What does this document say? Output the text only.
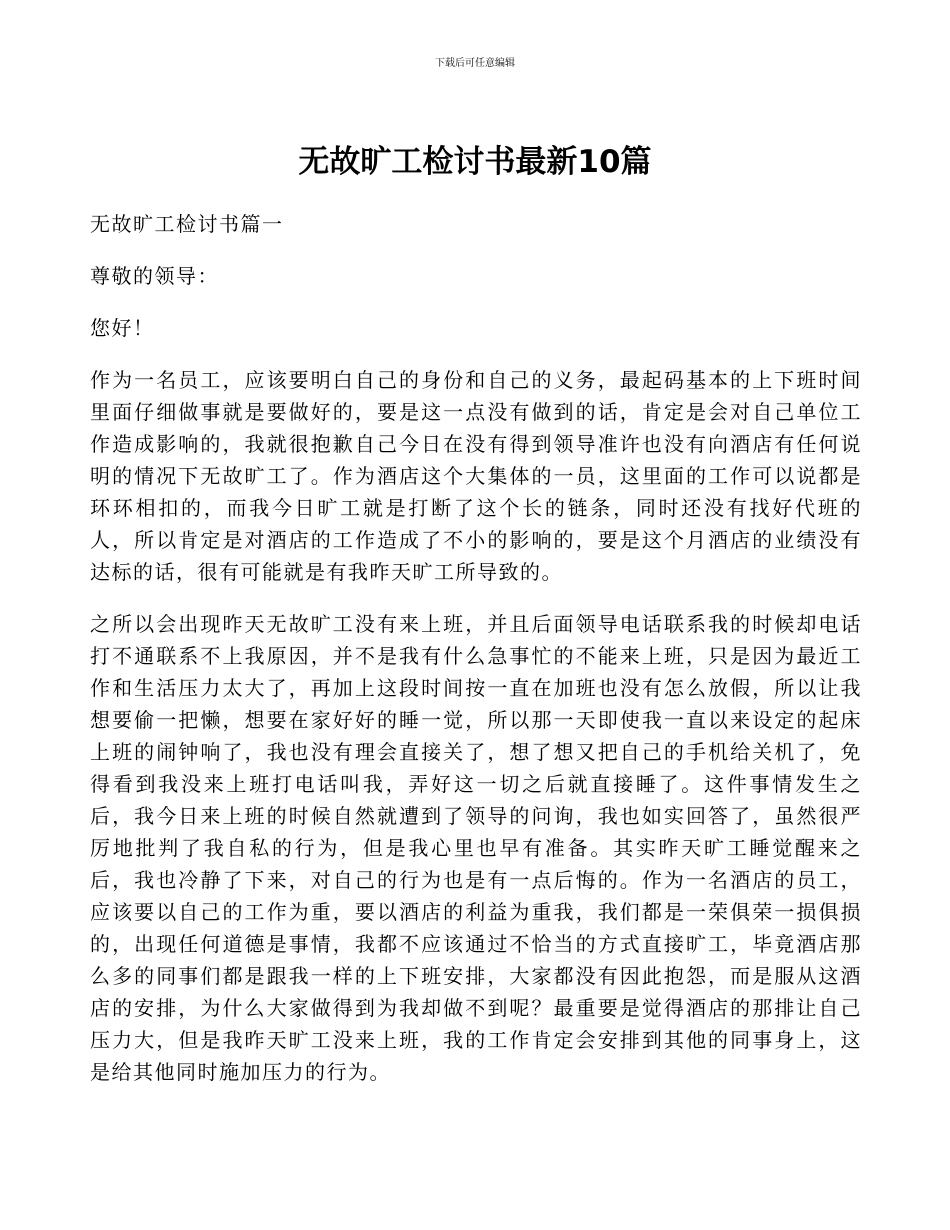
下载后可任意编辑
无故旷工检讨书最新10篇

无故旷工检讨书篇一

尊敬的领导：

您好！

作为一名员工，应该要明白自己的身份和自己的义务，最起码基本的上下班时间里面仔细做事就是要做好的，要是这一点没有做到的话，肯定是会对自己单位工作造成影响的，我就很抱歉自己今日在没有得到领导准许也没有向酒店有任何说明的情况下无故旷工了。作为酒店这个大集体的一员，这里面的工作可以说都是环环相扣的，而我今日旷工就是打断了这个长的链条，同时还没有找好代班的人，所以肯定是对酒店的工作造成了不小的影响的，要是这个月酒店的业绩没有达标的话，很有可能就是有我昨天旷工所导致的。

之所以会出现昨天无故旷工没有来上班，并且后面领导电话联系我的时候却电话打不通联系不上我原因，并不是我有什么急事忙的不能来上班，只是因为最近工作和生活压力太大了，再加上这段时间按一直在加班也没有怎么放假，所以让我想要偷一把懒，想要在家好好的睡一觉，所以那一天即使我一直以来设定的起床上班的闹钟响了，我也没有理会直接关了，想了想又把自己的手机给关机了，免得看到我没来上班打电话叫我，弄好这一切之后就直接睡了。这件事情发生之后，我今日来上班的时候自然就遭到了领导的问询，我也如实回答了，虽然很严厉地批判了我自私的行为，但是我心里也早有准备。其实昨天旷工睡觉醒来之后，我也冷静了下来，对自己的行为也是有一点后悔的。作为一名酒店的员工，应该要以自己的工作为重，要以酒店的利益为重我，我们都是一荣俱荣一损俱损的，出现任何道德是事情，我都不应该通过不恰当的方式直接旷工，毕竟酒店那么多的同事们都是跟我一样的上下班安排，大家都没有因此抱怨，而是服从这酒店的安排，为什么大家做得到为我却做不到呢？最重要是觉得酒店的那排让自己压力大，但是我昨天旷工没来上班，我的工作肯定会安排到其他的同事身上，这是给其他同时施加压力的行为。
